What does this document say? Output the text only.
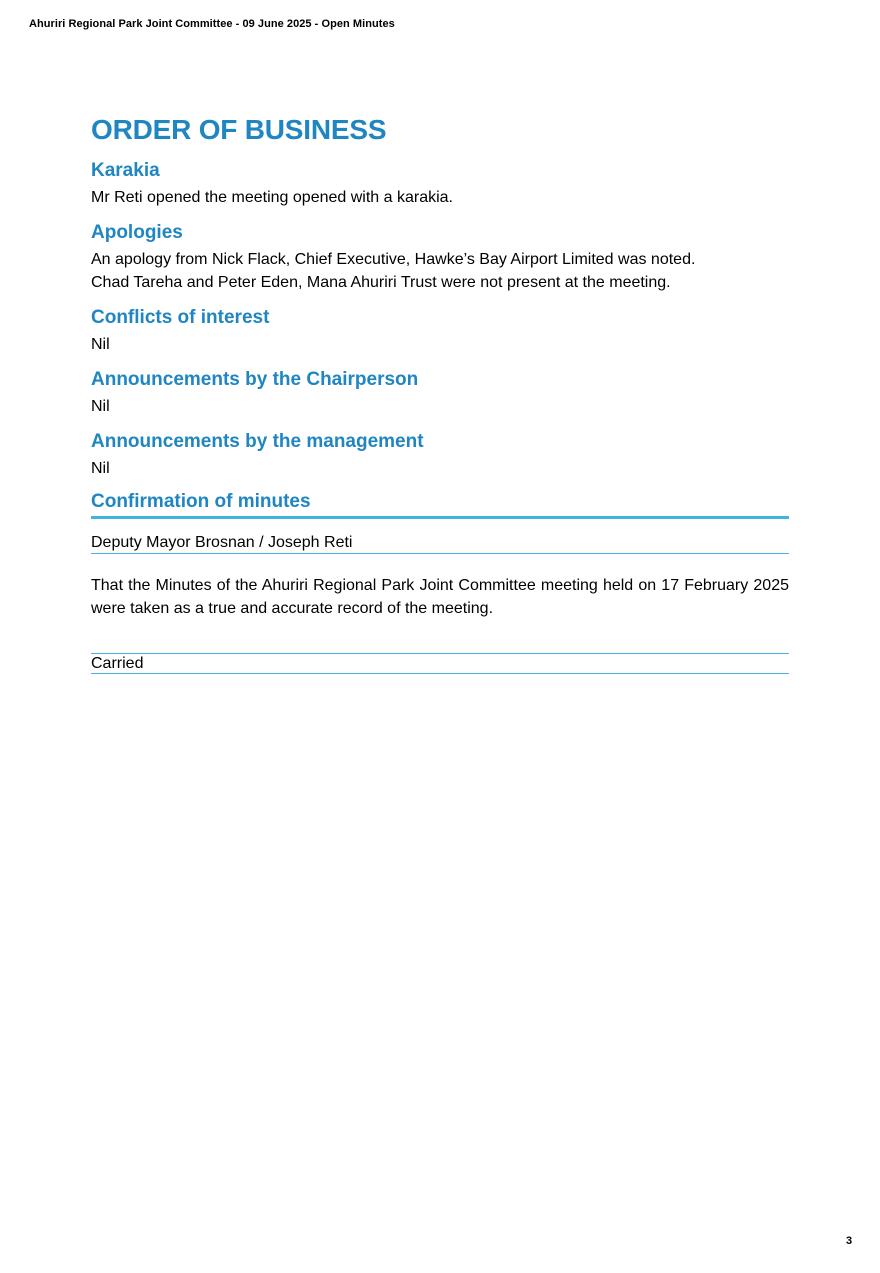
Ahuriri Regional Park Joint Committee - 09 June 2025 - Open Minutes
ORDER OF BUSINESS
Karakia

Mr Reti opened the meeting opened with a karakia.

Apologies
An apology from Nick Flack, Chief Executive, Hawke’s Bay Airport Limited was noted.
Chad Tareha and Peter Eden, Mana Ahuriri Trust were not present at the meeting.
Conflicts of interest

Nil

Announcements by the Chairperson

Nil

Announcements by the management

Nil

Confirmation of minutes
Deputy Mayor Brosnan / Joseph Reti

That the Minutes of the Ahuriri Regional Park Joint Committee meeting held on 17 February 2025 were taken as a true and accurate record of the meeting.

Carried
3
